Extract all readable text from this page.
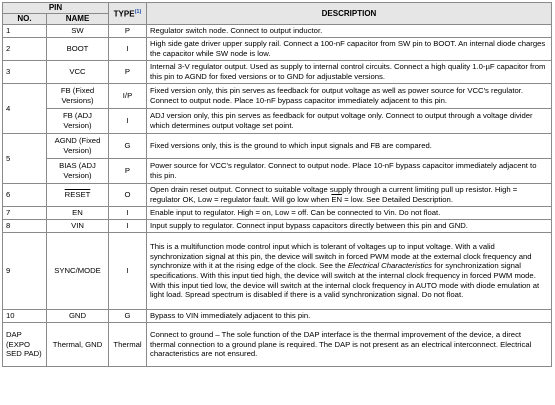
PIN		TYPE$^{(1)}$	DESCRIPTION
NO.	NAME		
1	SW	P	Regulator switch node. Connect to output inductor.
2	BOOT	I	High side gate driver upper supply rail. Connect a 100-nF capacitor from SW pin to BOOT. An internal diode charges the capacitor while SW node is low.
3	VCC	P	Internal 3-V regulator output. Used as supply to internal control circuits. Connect a high quality 1.0-µF capacitor from this pin to AGND for fixed versions or to GND for adjustable versions.
4	FB (Fixed Versions)	I/P	Fixed version only, this pin serves as feedback for output voltage as well as power source for VCC's regulator. Connect to output node. Place 10-nF bypass capacitor immediately adjacent to this pin.
	FB (ADJ Version)	I	ADJ version only, this pin serves as feedback for output voltage only. Connect to output through a voltage divider which determines output voltage set point.
5	AGND (Fixed Version)	G	Fixed versions only, this is the ground to which input signals and FB are compared.
	BIAS (ADJ Version)	P	Power source for VCC's regulator. Connect to output node. Place 10-nF bypass capacitor immediately adjacent to this pin.
6	RESET	O	Open drain reset output. Connect to suitable voltage supply through a current limiting pull up resistor. High = regulator OK, Low = regulator fault. Will go low when $\overline{EN}$ = low. See Detailed Description.
7	EN	I	Enable input to regulator. High = on, Low = off. Can be connected to Vin. Do not float.
8	VIN	I	Input supply to regulator. Connect input bypass capacitors directly between this pin and GND.
9	SYNC/MODE	I	This is a multifunction mode control input which is tolerant of voltages up to input voltage. With a valid synchronization signal at this pin, the device will switch in forced PWM mode at the external clock frequency and synchronize with it at the rising edge of the clock. See the Electrical Characteristics for synchronization signal specifications. With this input tied high, the device will switch at the internal clock frequency in forced PWM mode. With this input tied low, the device will switch at the internal clock frequency in AUTO mode with diode emulation at light load. Spread spectrum is disabled if there is a valid synchronization signal. Do not float.
10	GND	G	Bypass to VIN immediately adjacent to this pin.
DAP (EXPO SED PAD)	Thermal, GND	Thermal	Connect to ground – The sole function of the DAP interface is the thermal improvement of the device, a direct thermal connection to a ground plane is required. The DAP is not present as an electrical interconnect. Electrical characteristics are not ensured.
